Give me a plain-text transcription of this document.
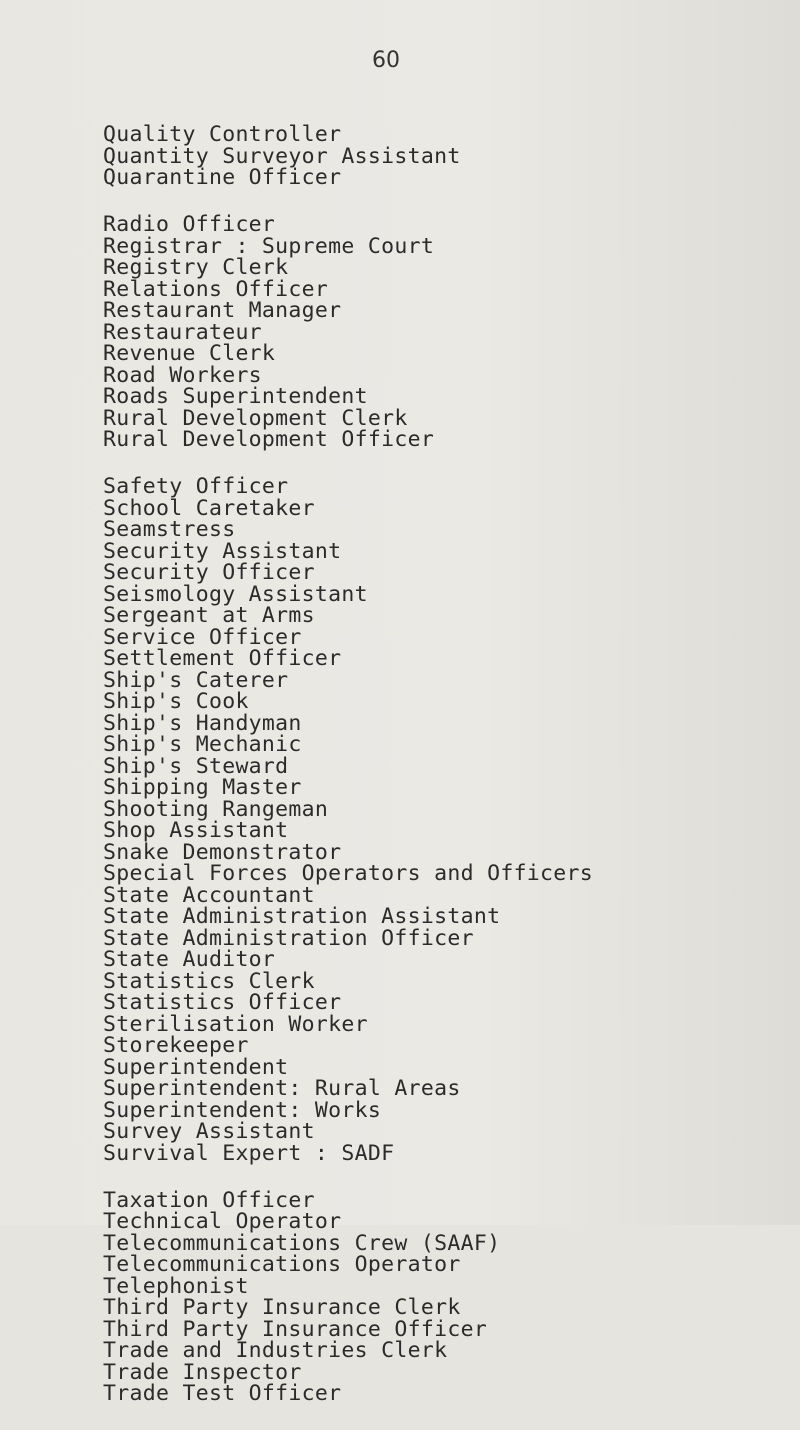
60
Quality Controller
Quantity Surveyor Assistant
Quarantine Officer
Radio Officer
Registrar : Supreme Court
Registry Clerk
Relations Officer
Restaurant Manager
Restaurateur
Revenue Clerk
Road Workers
Roads Superintendent
Rural Development Clerk
Rural Development Officer
Safety Officer
School Caretaker
Seamstress
Security Assistant
Security Officer
Seismology Assistant
Sergeant at Arms
Service Officer
Settlement Officer
Ship's Caterer
Ship's Cook
Ship's Handyman
Ship's Mechanic
Ship's Steward
Shipping Master
Shooting Rangeman
Shop Assistant
Snake Demonstrator
Special Forces Operators and Officers
State Accountant
State Administration Assistant
State Administration Officer
State Auditor
Statistics Clerk
Statistics Officer
Sterilisation Worker
Storekeeper
Superintendent
Superintendent: Rural Areas
Superintendent: Works
Survey Assistant
Survival Expert : SADF
Taxation Officer
Technical Operator
Telecommunications Crew (SAAF)
Telecommunications Operator
Telephonist
Third Party Insurance Clerk
Third Party Insurance Officer
Trade and Industries Clerk
Trade Inspector
Trade Test Officer
